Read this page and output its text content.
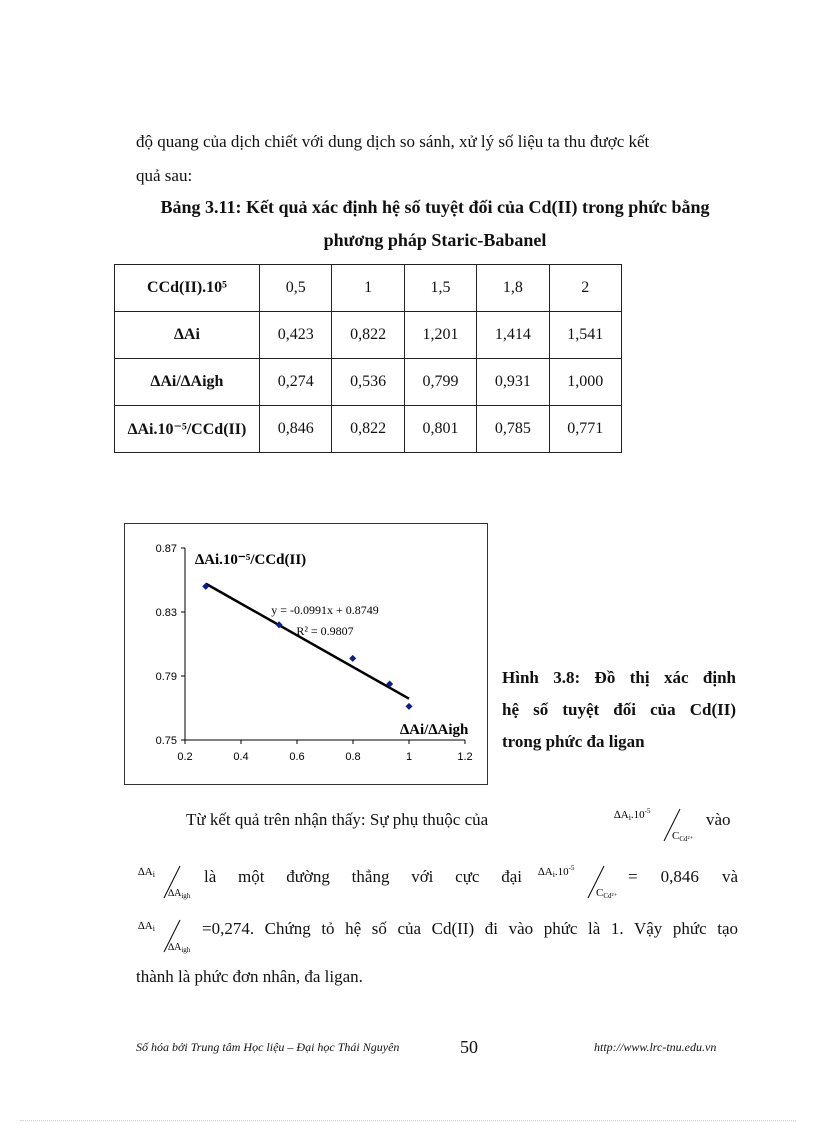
độ quang của dịch chiết với dung dịch so sánh, xử lý số liệu ta thu được kết
quả sau:
Bảng 3.11: Kết quả xác định hệ số tuyệt đối của Cd(II) trong phức bằng
phương pháp Staric-Babanel
CCd(II).10⁵	0,5	1	1,5	1,8	2
∆Ai	0,423	0,822	1,201	1,414	1,541
∆Ai/∆Aigh	0,274	0,536	0,799	0,931	1,000
∆Ai.10⁻⁵/CCd(II)	0,846	0,822	0,801	0,785	0,771
0.75
0.79
0.83
0.87
0.2	0.4	0.6	0.8	1	1.2
y = -0.0991x + 0.8749
R² = 0.9807
∆Ai.10⁻⁵/CCd(II)
∆Ai/∆Aigh
Hình 3.8: Đồ thị xác định
hệ số tuyệt đối của Cd(II)
trong phức đa ligan
Từ kết quả trên nhận thấy: Sự phụ thuộc của	$\Delta Ai.10^{-5}$
CCd²⁺
vào
∆Ai
$\Delta A_{igh}$
là một đường thẳng với cực đại $\Delta Ai.10^{-5}$
CCd²⁺
= 0,846 và
∆Ai
$\Delta A_{igh}$
=0,274. Chứng tỏ hệ số của Cd(II) đi vào phức là 1. Vậy phức tạo
thành là phức đơn nhân, đa ligan.
Số hóa bởi Trung tâm Học liệu – Đại học Thái Nguyên	50	http://www.lrc-tnu.edu.vn
